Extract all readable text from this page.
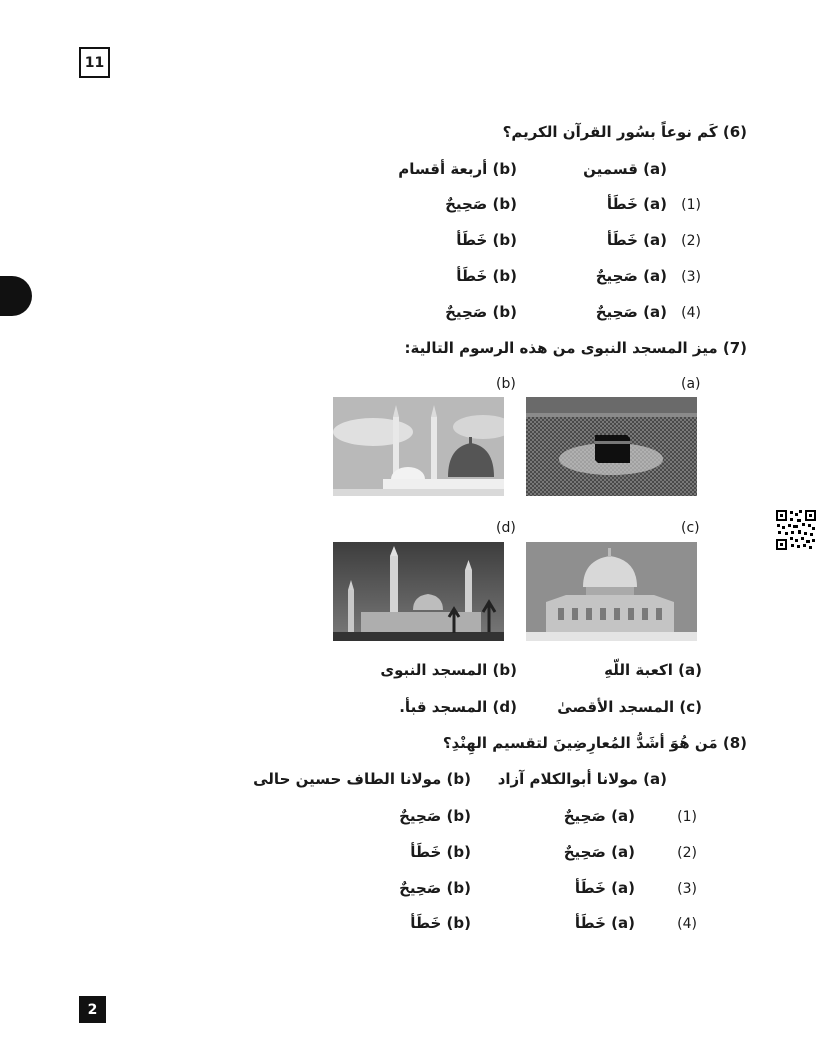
11
(6) كَم نوعاً بسُور القرآن الكريم؟
(a) قسمين
(b) أربعة أقسام
(1)
(a) خَطَأ
(b) صَحِيحٌ
(2)
(a) خَطَأ
(b) خَطَأ
(3)
(a) صَحِيحٌ
(b) خَطَأ
(4)
(a) صَحِيحٌ
(b) صَحِيحٌ
(7) ميز المسجد النبوى من هذه الرسوم التالية:
(a)
(b)
(c)
(d)
(a) اكعبة اللّهِ
(b) المسجد النبوى
(c) المسجد الأقصىٰ
(d) المسجد قبأ.
(8) مَن هُوَ أشَدُّ المُعارِضِينَ لتقسيم الهِنْدِ؟
(a) مولانا أبوالكلام آزاد
(b) مولانا الطاف حسين حالى
(1)
(a) صَحِيحٌ
(b) صَحِيحٌ
(2)
(a) صَحِيحٌ
(b) خَطَأ
(3)
(a) خَطَأ
(b) صَحِيحٌ
(4)
(a) خَطَأ
(b) خَطَأ
2
